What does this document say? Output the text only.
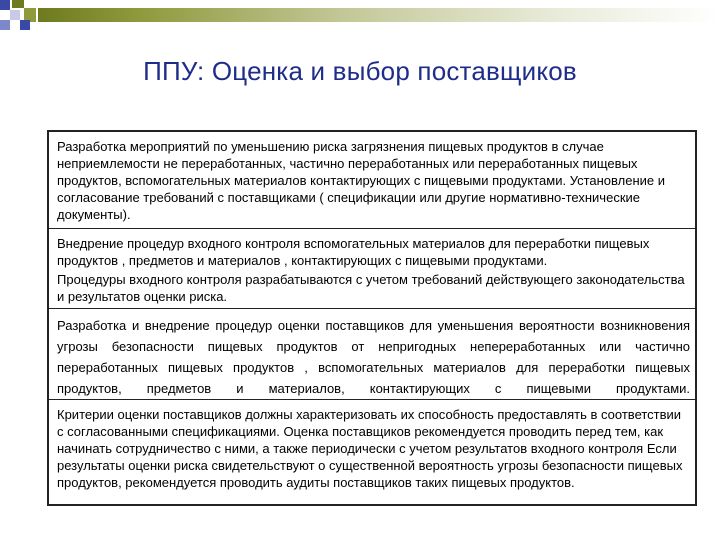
ППУ: Оценка и выбор поставщиков

Разработка мероприятий по уменьшению риска загрязнения пищевых продуктов в случае неприемлемости не переработанных, частично переработанных или переработанных пищевых продуктов, вспомогательных материалов контактирующих с пищевыми продуктами. Установление и согласование требований с поставщиками ( спецификации или другие нормативно-технические документы).

Внедрение процедур входного контроля вспомогательных материалов для переработки пищевых продуктов , предметов и материалов , контактирующих с пищевыми продуктами.

Процедуры входного контроля разрабатываются с учетом требований действующего законодательства и результатов оценки риска.

Разработка и внедрение процедур оценки поставщиков для уменьшения вероятности возникновения угрозы безопасности пищевых продуктов от непригодных непереработанных или частично переработанных пищевых продуктов , вспомогательных материалов для переработки пищевых продуктов, предметов и материалов, контактирующих с пищевыми продуктами.

Критерии оценки поставщиков должны характеризовать их способность предоставлять в соответствии с согласованными спецификациями. Оценка поставщиков рекомендуется проводить перед тем, как начинать сотрудничество с ними, а также периодически с учетом результатов входного контроля Если результаты оценки риска свидетельствуют о существенной вероятность угрозы безопасности пищевых продуктов, рекомендуется проводить аудиты поставщиков таких пищевых продуктов.
